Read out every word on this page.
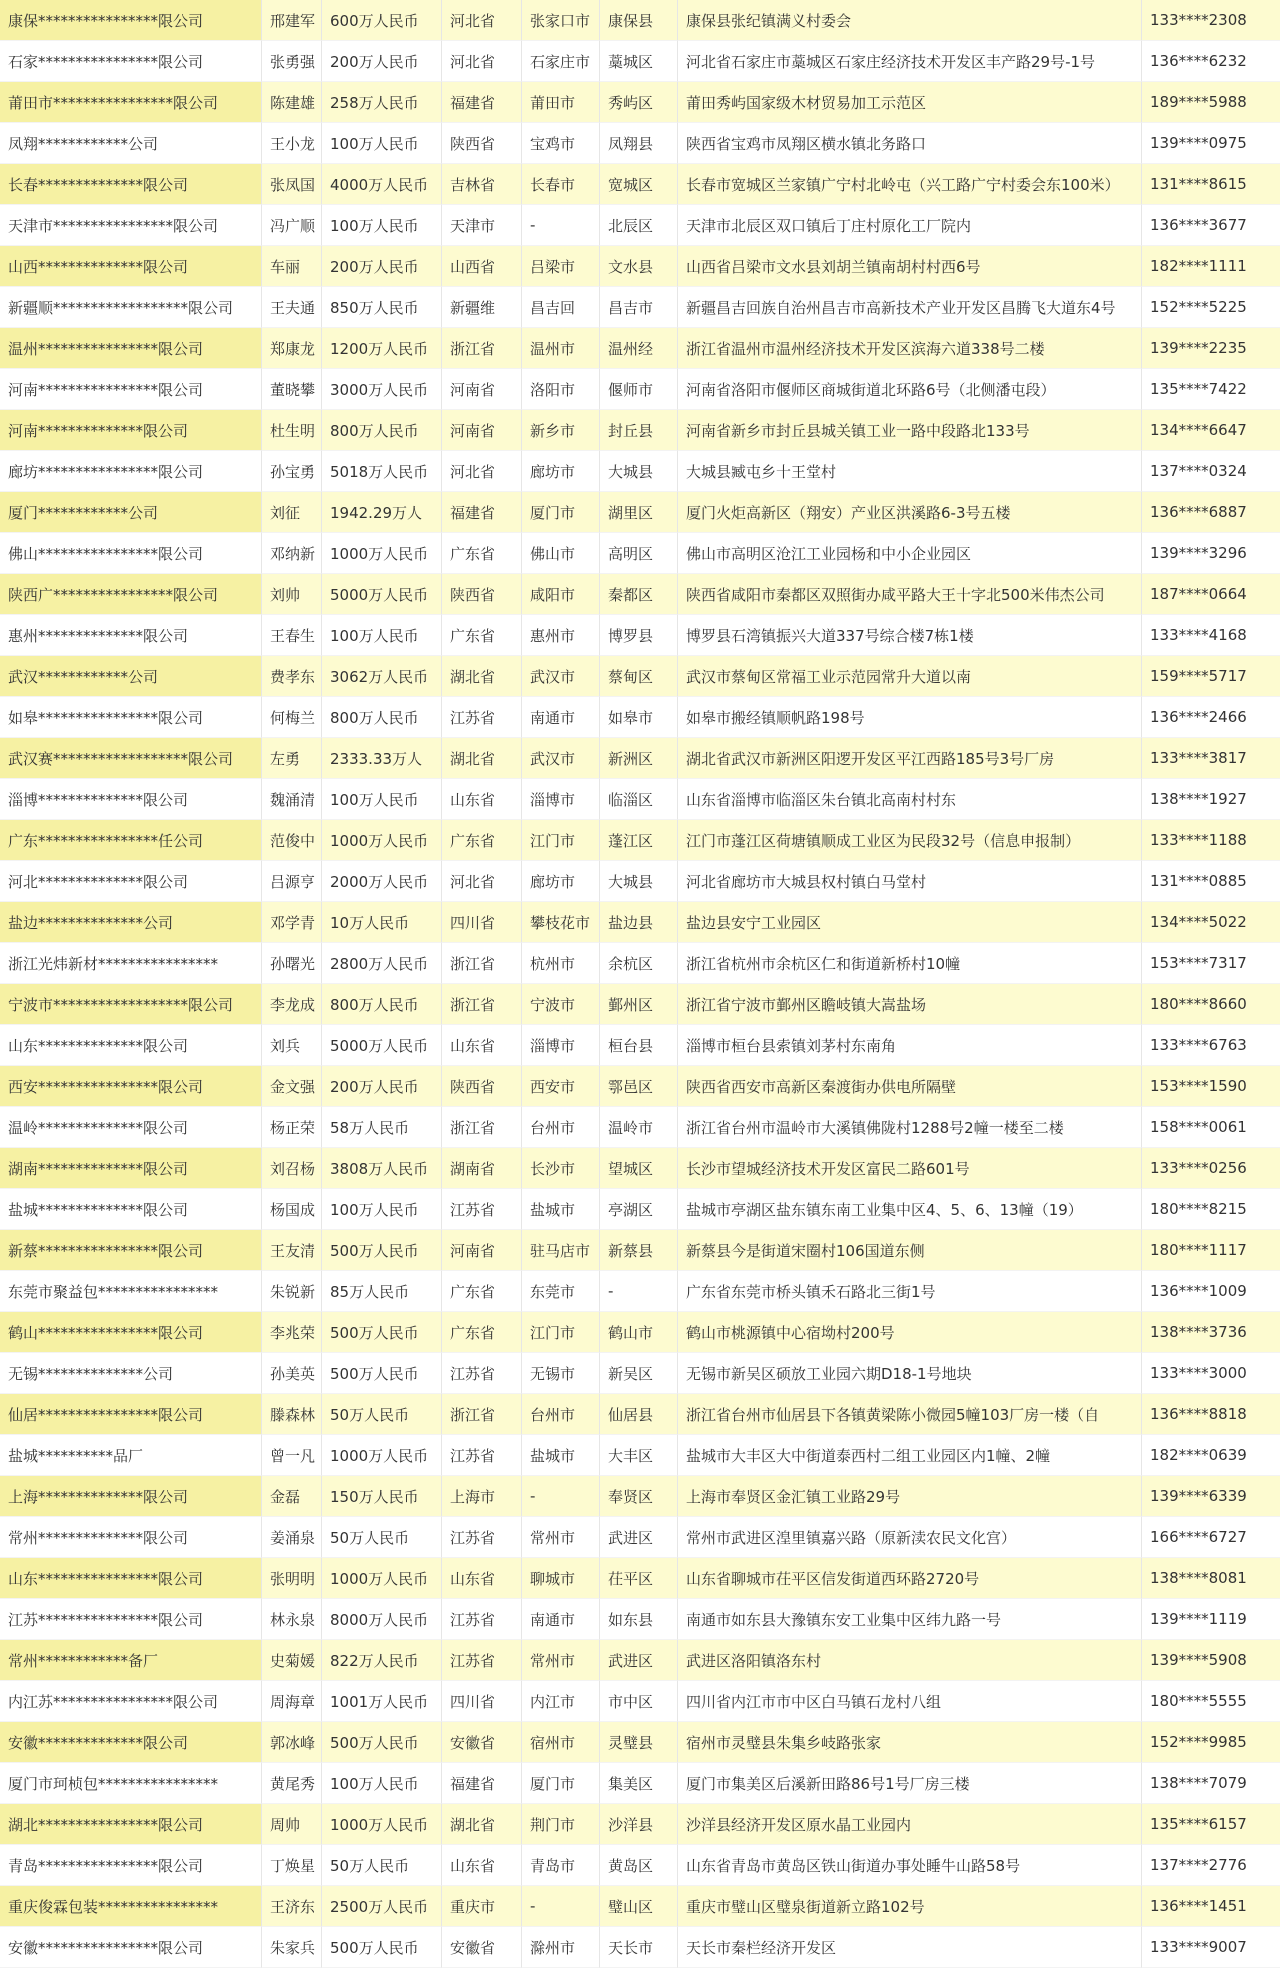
康保****************限公司	邢建军	600万人民币	河北省	张家口市	康保县	康保县张纪镇满义村委会	133****2308
石家****************限公司	张勇强	200万人民币	河北省	石家庄市	藁城区	河北省石家庄市藁城区石家庄经济技术开发区丰产路29号-1号	136****6232
莆田市****************限公司	陈建雄	258万人民币	福建省	莆田市	秀屿区	莆田秀屿国家级木材贸易加工示范区	189****5988
凤翔************公司	王小龙	100万人民币	陕西省	宝鸡市	凤翔县	陕西省宝鸡市凤翔区横水镇北务路口	139****0975
长春**************限公司	张凤国	4000万人民币	吉林省	长春市	宽城区	长春市宽城区兰家镇广宁村北岭屯（兴工路广宁村委会东100米）	131****8615
天津市****************限公司	冯广顺	100万人民币	天津市	-	北辰区	天津市北辰区双口镇后丁庄村原化工厂院内	136****3677
山西**************限公司	车丽	200万人民币	山西省	吕梁市	文水县	山西省吕梁市文水县刘胡兰镇南胡村村西6号	182****1111
新疆顺******************限公司	王夫通	850万人民币	新疆维	昌吉回	昌吉市	新疆昌吉回族自治州昌吉市高新技术产业开发区昌腾飞大道东4号	152****5225
温州****************限公司	郑康龙	1200万人民币	浙江省	温州市	温州经	浙江省温州市温州经济技术开发区滨海六道338号二楼	139****2235
河南****************限公司	董晓攀	3000万人民币	河南省	洛阳市	偃师市	河南省洛阳市偃师区商城街道北环路6号（北侧潘屯段）	135****7422
河南**************限公司	杜生明	800万人民币	河南省	新乡市	封丘县	河南省新乡市封丘县城关镇工业一路中段路北133号	134****6647
廊坊****************限公司	孙宝勇	5018万人民币	河北省	廊坊市	大城县	大城县臧屯乡十王堂村	137****0324
厦门************公司	刘征	1942.29万人	福建省	厦门市	湖里区	厦门火炬高新区（翔安）产业区洪溪路6-3号五楼	136****6887
佛山****************限公司	邓纳新	1000万人民币	广东省	佛山市	高明区	佛山市高明区沧江工业园杨和中小企业园区	139****3296
陕西广****************限公司	刘帅	5000万人民币	陕西省	咸阳市	秦都区	陕西省咸阳市秦都区双照街办咸平路大王十字北500米伟杰公司	187****0664
惠州**************限公司	王春生	100万人民币	广东省	惠州市	博罗县	博罗县石湾镇振兴大道337号综合楼7栋1楼	133****4168
武汉************公司	费孝东	3062万人民币	湖北省	武汉市	蔡甸区	武汉市蔡甸区常福工业示范园常升大道以南	159****5717
如皋****************限公司	何梅兰	800万人民币	江苏省	南通市	如皋市	如皋市搬经镇顺帆路198号	136****2466
武汉赛******************限公司	左勇	2333.33万人	湖北省	武汉市	新洲区	湖北省武汉市新洲区阳逻开发区平江西路185号3号厂房	133****3817
淄博**************限公司	魏涌清	100万人民币	山东省	淄博市	临淄区	山东省淄博市临淄区朱台镇北高南村村东	138****1927
广东****************任公司	范俊中	1000万人民币	广东省	江门市	蓬江区	江门市蓬江区荷塘镇顺成工业区为民段32号（信息申报制）	133****1188
河北**************限公司	吕源亨	2000万人民币	河北省	廊坊市	大城县	河北省廊坊市大城县权村镇白马堂村	131****0885
盐边**************公司	邓学青	10万人民币	四川省	攀枝花市	盐边县	盐边县安宁工业园区	134****5022
浙江光炜新材****************	孙曙光	2800万人民币	浙江省	杭州市	余杭区	浙江省杭州市余杭区仁和街道新桥村10幢	153****7317
宁波市******************限公司	李龙成	800万人民币	浙江省	宁波市	鄞州区	浙江省宁波市鄞州区瞻岐镇大嵩盐场	180****8660
山东**************限公司	刘兵	5000万人民币	山东省	淄博市	桓台县	淄博市桓台县索镇刘茅村东南角	133****6763
西安****************限公司	金文强	200万人民币	陕西省	西安市	鄠邑区	陕西省西安市高新区秦渡街办供电所隔壁	153****1590
温岭**************限公司	杨正荣	58万人民币	浙江省	台州市	温岭市	浙江省台州市温岭市大溪镇佛陇村1288号2幢一楼至二楼	158****0061
湖南**************限公司	刘召杨	3808万人民币	湖南省	长沙市	望城区	长沙市望城经济技术开发区富民二路601号	133****0256
盐城**************限公司	杨国成	100万人民币	江苏省	盐城市	亭湖区	盐城市亭湖区盐东镇东南工业集中区4、5、6、13幢（19）	180****8215
新蔡****************限公司	王友清	500万人民币	河南省	驻马店市	新蔡县	新蔡县今是街道宋圈村106国道东侧	180****1117
东莞市聚益包****************	朱锐新	85万人民币	广东省	东莞市	-	广东省东莞市桥头镇禾石路北三街1号	136****1009
鹤山****************限公司	李兆荣	500万人民币	广东省	江门市	鹤山市	鹤山市桃源镇中心宿坳村200号	138****3736
无锡**************公司	孙美英	500万人民币	江苏省	无锡市	新吴区	无锡市新吴区硕放工业园六期D18-1号地块	133****3000
仙居****************限公司	滕森林	50万人民币	浙江省	台州市	仙居县	浙江省台州市仙居县下各镇黄梁陈小微园5幢103厂房一楼（自	136****8818
盐城**********品厂	曾一凡	1000万人民币	江苏省	盐城市	大丰区	盐城市大丰区大中街道泰西村二组工业园区内1幢、2幢	182****0639
上海**************限公司	金磊	150万人民币	上海市	-	奉贤区	上海市奉贤区金汇镇工业路29号	139****6339
常州**************限公司	姜涌泉	50万人民币	江苏省	常州市	武进区	常州市武进区湟里镇嘉兴路（原新渎农民文化宫）	166****6727
山东****************限公司	张明明	1000万人民币	山东省	聊城市	茌平区	山东省聊城市茌平区信发街道西环路2720号	138****8081
江苏****************限公司	林永泉	8000万人民币	江苏省	南通市	如东县	南通市如东县大豫镇东安工业集中区纬九路一号	139****1119
常州************备厂	史菊媛	822万人民币	江苏省	常州市	武进区	武进区洛阳镇洛东村	139****5908
内江苏****************限公司	周海章	1001万人民币	四川省	内江市	市中区	四川省内江市市中区白马镇石龙村八组	180****5555
安徽**************限公司	郭冰峰	500万人民币	安徽省	宿州市	灵璧县	宿州市灵璧县朱集乡岐路张家	152****9985
厦门市珂桢包****************	黄尾秀	100万人民币	福建省	厦门市	集美区	厦门市集美区后溪新田路86号1号厂房三楼	138****7079
湖北****************限公司	周帅	1000万人民币	湖北省	荆门市	沙洋县	沙洋县经济开发区原水晶工业园内	135****6157
青岛****************限公司	丁焕星	50万人民币	山东省	青岛市	黄岛区	山东省青岛市黄岛区铁山街道办事处睡牛山路58号	137****2776
重庆俊霖包装****************	王济东	2500万人民币	重庆市	-	璧山区	重庆市璧山区璧泉街道新立路102号	136****1451
安徽****************限公司	朱家兵	500万人民币	安徽省	滁州市	天长市	天长市秦栏经济开发区	133****9007
